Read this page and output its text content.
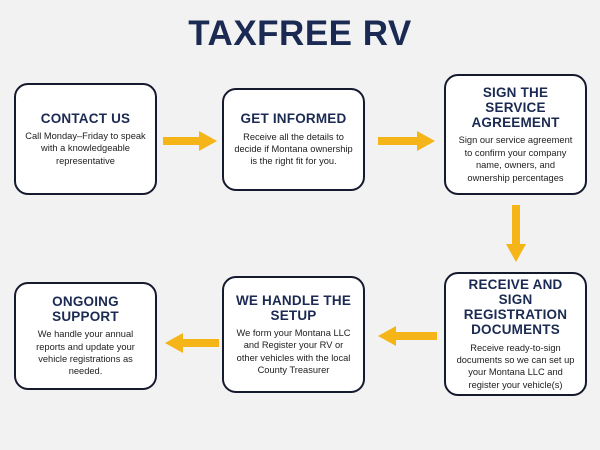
TAXFREE RV
CONTACT US
Call Monday–Friday to speak with a knowledgeable representative
GET INFORMED
Receive all the details to decide if Montana ownership is the right fit for you.
SIGN THE SERVICE AGREEMENT
Sign our service agreement to confirm your company name, owners, and ownership percentages
RECEIVE AND SIGN REGISTRATION DOCUMENTS
Receive ready-to-sign documents so we can set up your Montana LLC and register your vehicle(s)
WE HANDLE THE SETUP
We form your Montana LLC and Register your RV or other vehicles with the local County Treasurer
ONGOING SUPPORT
We handle your annual reports and update your vehicle registrations as needed.
